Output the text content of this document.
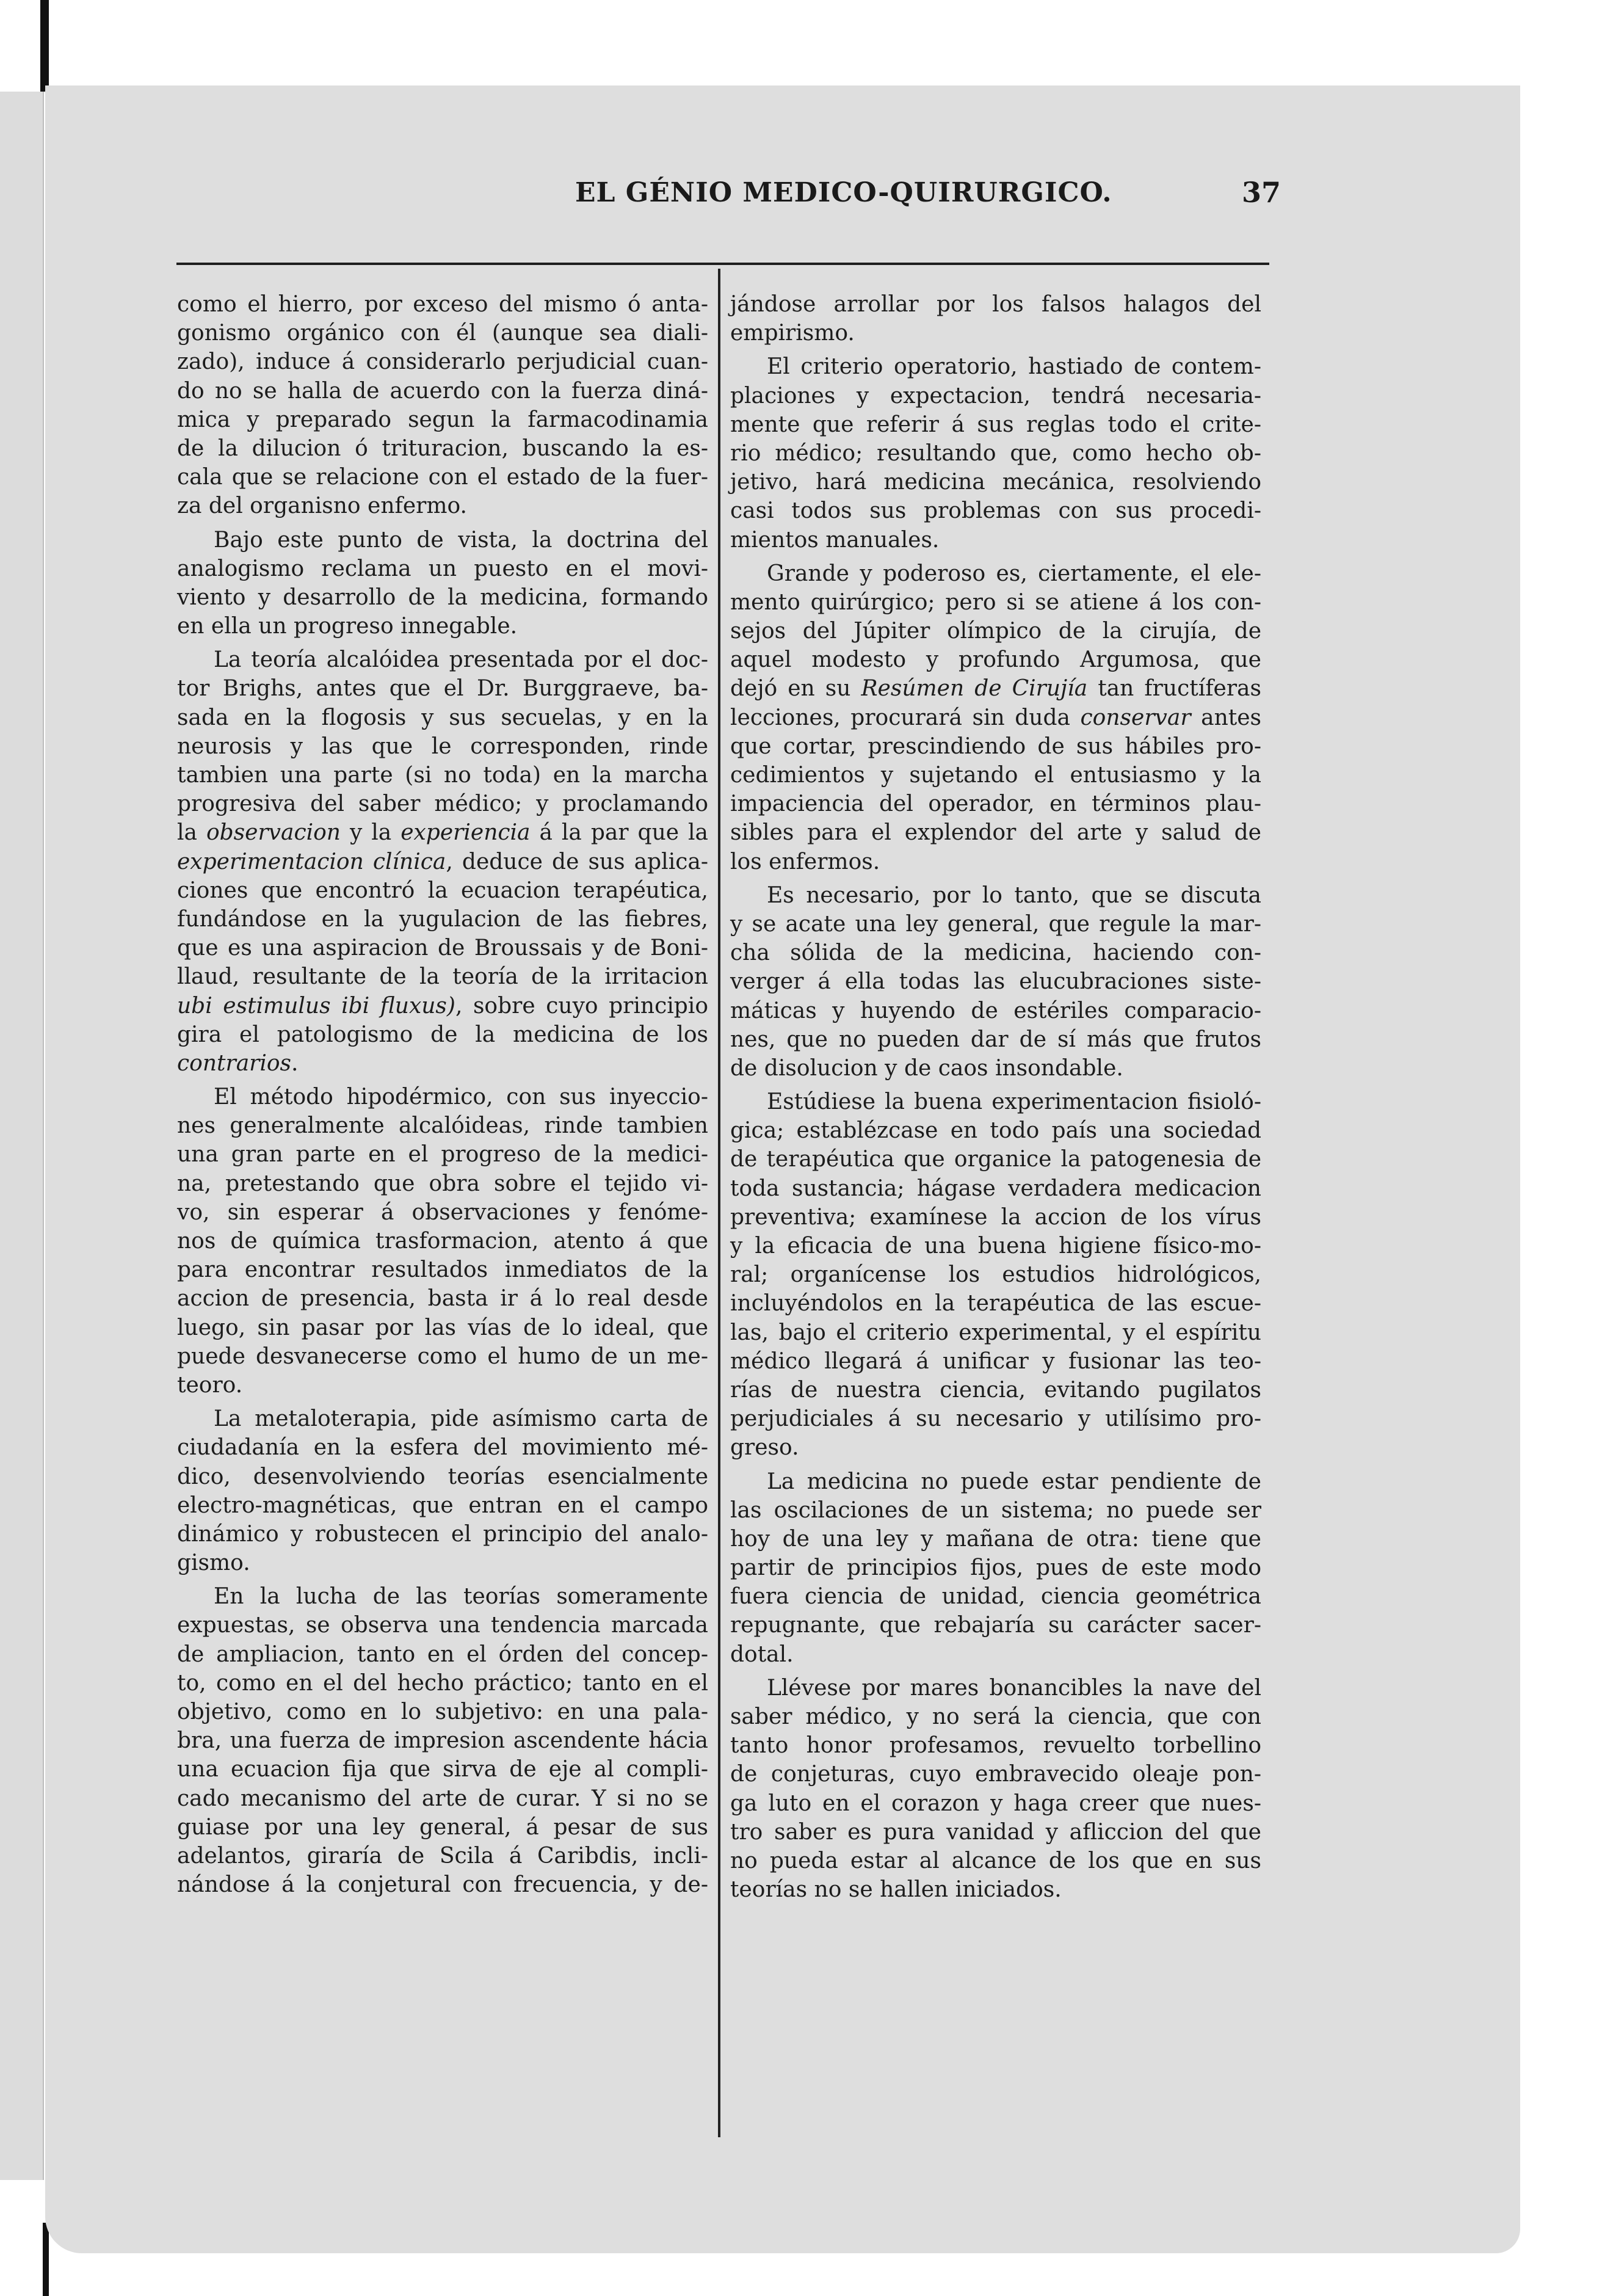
EL GÉNIO MEDICO-QUIRURGICO.	37
como el hierro, por exceso del mismo ó anta-
gonismo orgánico con él (aunque sea diali-
zado), induce á considerarlo perjudicial cuan-
do no se halla de acuerdo con la fuerza diná-
mica y preparado segun la farmacodinamia
de la dilucion ó trituracion, buscando la es-
cala que se relacione con el estado de la fuer-
za del organisno enfermo.
Bajo este punto de vista, la doctrina del
analogismo reclama un puesto en el movi-
viento y desarrollo de la medicina, formando
en ella un progreso innegable.
La teoría alcalóidea presentada por el doc-
tor Brighs, antes que el Dr. Burggraeve, ba-
sada en la flogosis y sus secuelas, y en la
neurosis y las que le corresponden, rinde
tambien una parte (si no toda) en la marcha
progresiva del saber médico; y proclamando
la observacion y la experiencia á la par que la
experimentacion clínica, deduce de sus aplica-
ciones que encontró la ecuacion terapéutica,
fundándose en la yugulacion de las fiebres,
que es una aspiracion de Broussais y de Boni-
llaud, resultante de la teoría de la irritacion
ubi estimulus ibi fluxus), sobre cuyo principio
gira el patologismo de la medicina de los
contrarios.
El método hipodérmico, con sus inyeccio-
nes generalmente alcalóideas, rinde tambien
una gran parte en el progreso de la medici-
na, pretestando que obra sobre el tejido vi-
vo, sin esperar á observaciones y fenóme-
nos de química trasformacion, atento á que
para encontrar resultados inmediatos de la
accion de presencia, basta ir á lo real desde
luego, sin pasar por las vías de lo ideal, que
puede desvanecerse como el humo de un me-
teoro.
La metaloterapia, pide asímismo carta de
ciudadanía en la esfera del movimiento mé-
dico, desenvolviendo teorías esencialmente
electro-magnéticas, que entran en el campo
dinámico y robustecen el principio del analo-
gismo.
En la lucha de las teorías someramente
expuestas, se observa una tendencia marcada
de ampliacion, tanto en el órden del concep-
to, como en el del hecho práctico; tanto en el
objetivo, como en lo subjetivo: en una pala-
bra, una fuerza de impresion ascendente hácia
una ecuacion fija que sirva de eje al compli-
cado mecanismo del arte de curar. Y si no se
guiase por una ley general, á pesar de sus
adelantos, giraría de Scila á Caribdis, incli-
nándose á la conjetural con frecuencia, y de-
jándose arrollar por los falsos halagos del
empirismo.
El criterio operatorio, hastiado de contem-
placiones y expectacion, tendrá necesaria-
mente que referir á sus reglas todo el crite-
rio médico; resultando que, como hecho ob-
jetivo, hará medicina mecánica, resolviendo
casi todos sus problemas con sus procedi-
mientos manuales.
Grande y poderoso es, ciertamente, el ele-
mento quirúrgico; pero si se atiene á los con-
sejos del Júpiter olímpico de la cirujía, de
aquel modesto y profundo Argumosa, que
dejó en su Resúmen de Cirujía tan fructíferas
lecciones, procurará sin duda conservar antes
que cortar, prescindiendo de sus hábiles pro-
cedimientos y sujetando el entusiasmo y la
impaciencia del operador, en términos plau-
sibles para el explendor del arte y salud de
los enfermos.
Es necesario, por lo tanto, que se discuta
y se acate una ley general, que regule la mar-
cha sólida de la medicina, haciendo con-
verger á ella todas las elucubraciones siste-
máticas y huyendo de estériles comparacio-
nes, que no pueden dar de sí más que frutos
de disolucion y de caos insondable.
Estúdiese la buena experimentacion fisioló-
gica; establézcase en todo país una sociedad
de terapéutica que organice la patogenesia de
toda sustancia; hágase verdadera medicacion
preventiva; examínese la accion de los vírus
y la eficacia de una buena higiene físico-mo-
ral; organícense los estudios hidrológicos,
incluyéndolos en la terapéutica de las escue-
las, bajo el criterio experimental, y el espíritu
médico llegará á unificar y fusionar las teo-
rías de nuestra ciencia, evitando pugilatos
perjudiciales á su necesario y utilísimo pro-
greso.
La medicina no puede estar pendiente de
las oscilaciones de un sistema; no puede ser
hoy de una ley y mañana de otra: tiene que
partir de principios fijos, pues de este modo
fuera ciencia de unidad, ciencia geométrica
repugnante, que rebajaría su carácter sacer-
dotal.
Llévese por mares bonancibles la nave del
saber médico, y no será la ciencia, que con
tanto honor profesamos, revuelto torbellino
de conjeturas, cuyo embravecido oleaje pon-
ga luto en el corazon y haga creer que nues-
tro saber es pura vanidad y afliccion del que
no pueda estar al alcance de los que en sus
teorías no se hallen iniciados.
